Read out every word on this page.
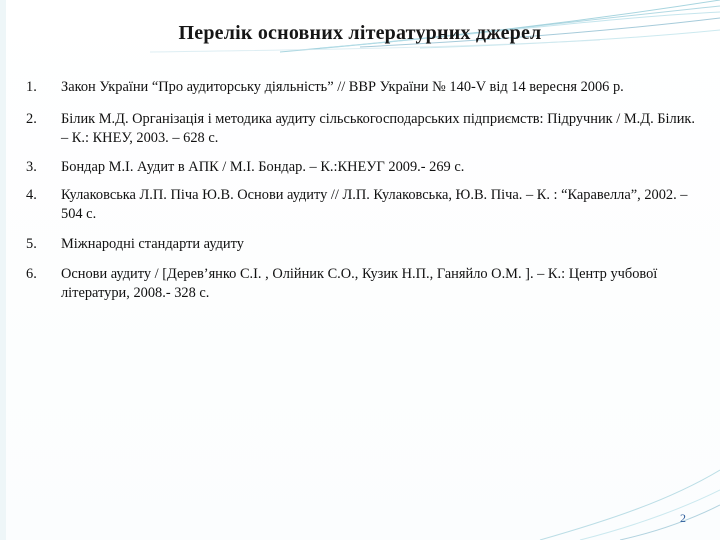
Перелік основних літературних джерел
1.	Закон України “Про аудиторську діяльність” // ВВР України № 140-V від 14 вересня 2006 р.
2.	Білик М.Д. Організація і методика аудиту сільськогосподарських підприємств: Підручник / М.Д. Білик. – К.: КНЕУ, 2003. – 628 с.
3.	Бондар М.І. Аудит в АПК / М.І. Бондар. – К.:КНЕУГ 2009.- 269 с.
4.	Кулаковська Л.П. Піча Ю.В. Основи аудиту // Л.П. Кулаковська, Ю.В. Піча. – К. : “Каравелла”, 2002. – 504 с.
5.	Міжнародні стандарти аудиту
6.	Основи аудиту / [Дерев’янко С.І. , Олійник С.О., Кузик Н.П., Ганяйло О.М. ]. – К.: Центр учбової літератури, 2008.- 328 с.
2
